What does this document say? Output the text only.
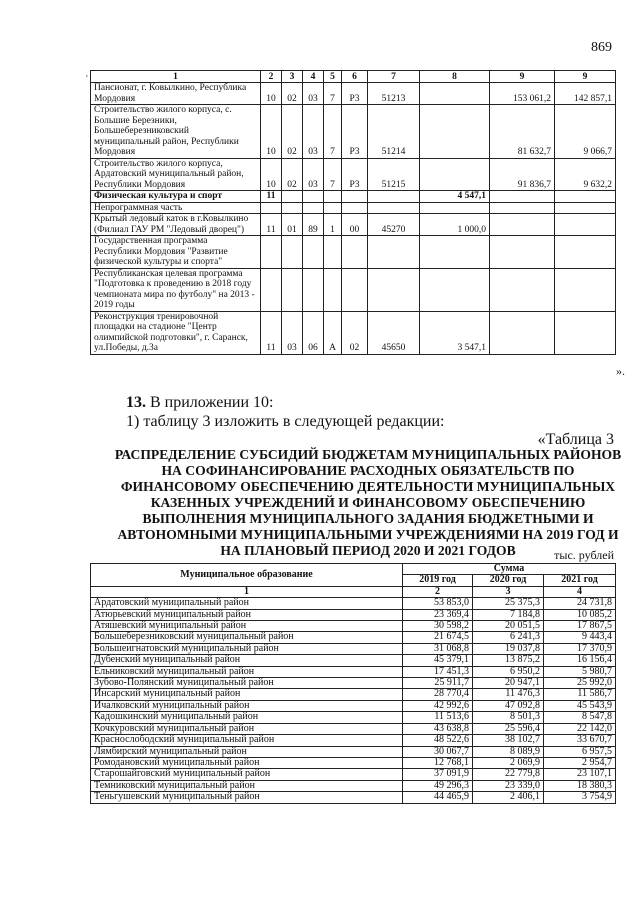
869
'	1	2	3	4	5	6	7	8	9	9
Пансионат, г. Ковылкино, Республика Мордовия	10	02	03	7	Р3	51213		153 061,2	142 857,1
Строительство жилого корпуса, с. Большие Березники, Большеберезниковский муниципальный район, Республики Мордовия	10	02	03	7	Р3	51214		81 632,7	9 066,7
Строительство жилого корпуса, Ардатовский муниципальный район, Республики Мордовия	10	02	03	7	Р3	51215		91 836,7	9 632,2
Физическая культура и спорт	11						4 547,1		
Непрограммная часть									
Крытый ледовый каток в г.Ковылкино (Филиал ГАУ РМ "Ледовый дворец")	11	01	89	1	00	45270	1 000,0		
Государственная программа Республики Мордовия "Развитие физической культуры и спорта"									
Республиканская целевая программа "Подготовка к проведению в 2018 году чемпионата мира по футболу" на 2013 - 2019 годы									
Реконструкция тренировочной площадки на стадионе "Центр олимпийской подготовки", г. Саранск, ул.Победы, д.3а	11	03	06	А	02	45650	3 547,1		
».
13. В приложении 10:
1) таблицу 3 изложить в следующей редакции:
«Таблица 3
РАСПРЕДЕЛЕНИЕ СУБСИДИЙ БЮДЖЕТАМ МУНИЦИПАЛЬНЫХ РАЙОНОВ НА СОФИНАНСИРОВАНИЕ РАСХОДНЫХ ОБЯЗАТЕЛЬСТВ ПО ФИНАНСОВОМУ ОБЕСПЕЧЕНИЮ ДЕЯТЕЛЬНОСТИ МУНИЦИПАЛЬНЫХ КАЗЕННЫХ УЧРЕЖДЕНИЙ И ФИНАНСОВОМУ ОБЕСПЕЧЕНИЮ ВЫПОЛНЕНИЯ МУНИЦИПАЛЬНОГО ЗАДАНИЯ БЮДЖЕТНЫМИ И АВТОНОМНЫМИ МУНИЦИПАЛЬНЫМИ УЧРЕЖДЕНИЯМИ НА 2019 ГОД И НА ПЛАНОВЫЙ ПЕРИОД 2020 И 2021 ГОДОВ	тыс. рублей
Муниципальное образование	Сумма		
	2019 год	2020 год	2021 год
1	2	3	4
Ардатовский муниципальный район	53 853,0	25 375,3	24 731,8
Атюрьевский муниципальный район	23 369,4	7 184,8	10 085,2
Атяшевский муниципальный район	30 598,2	20 051,5	17 867,5
Большеберезниковский муниципальный район	21 674,5	6 241,3	9 443,4
Большеигнатовский муниципальный район	31 068,8	19 037,8	17 370,9
Дубенский муниципальный район	45 379,1	13 875,2	16 156,4
Ельниковский муниципальный район	17 451,3	6 950,2	5 980,7
Зубово-Полянский муниципальный район	25 911,7	20 947,1	25 992,0
Инсарский муниципальный район	28 770,4	11 476,3	11 586,7
Ичалковский муниципальный район	42 992,6	47 092,8	45 543,9
Кадошкинский муниципальный район	11 513,6	8 501,3	8 547,8
Кочкуровский муниципальный район	43 638,8	25 596,4	22 142,0
Краснослободский муниципальный район	48 522,6	38 102,7	33 670,7
Лямбирский муниципальный район	30 067,7	8 089,9	6 957,5
Ромодановский муниципальный район	12 768,1	2 069,9	2 954,7
Старошайговский муниципальный район	37 091,9	22 779,8	23 107,1
Темниковский муниципальный район	49 296,3	23 339,0	18 380,3
Теньгушевский муниципальный район	44 465,9	2 406,1	3 754,9
